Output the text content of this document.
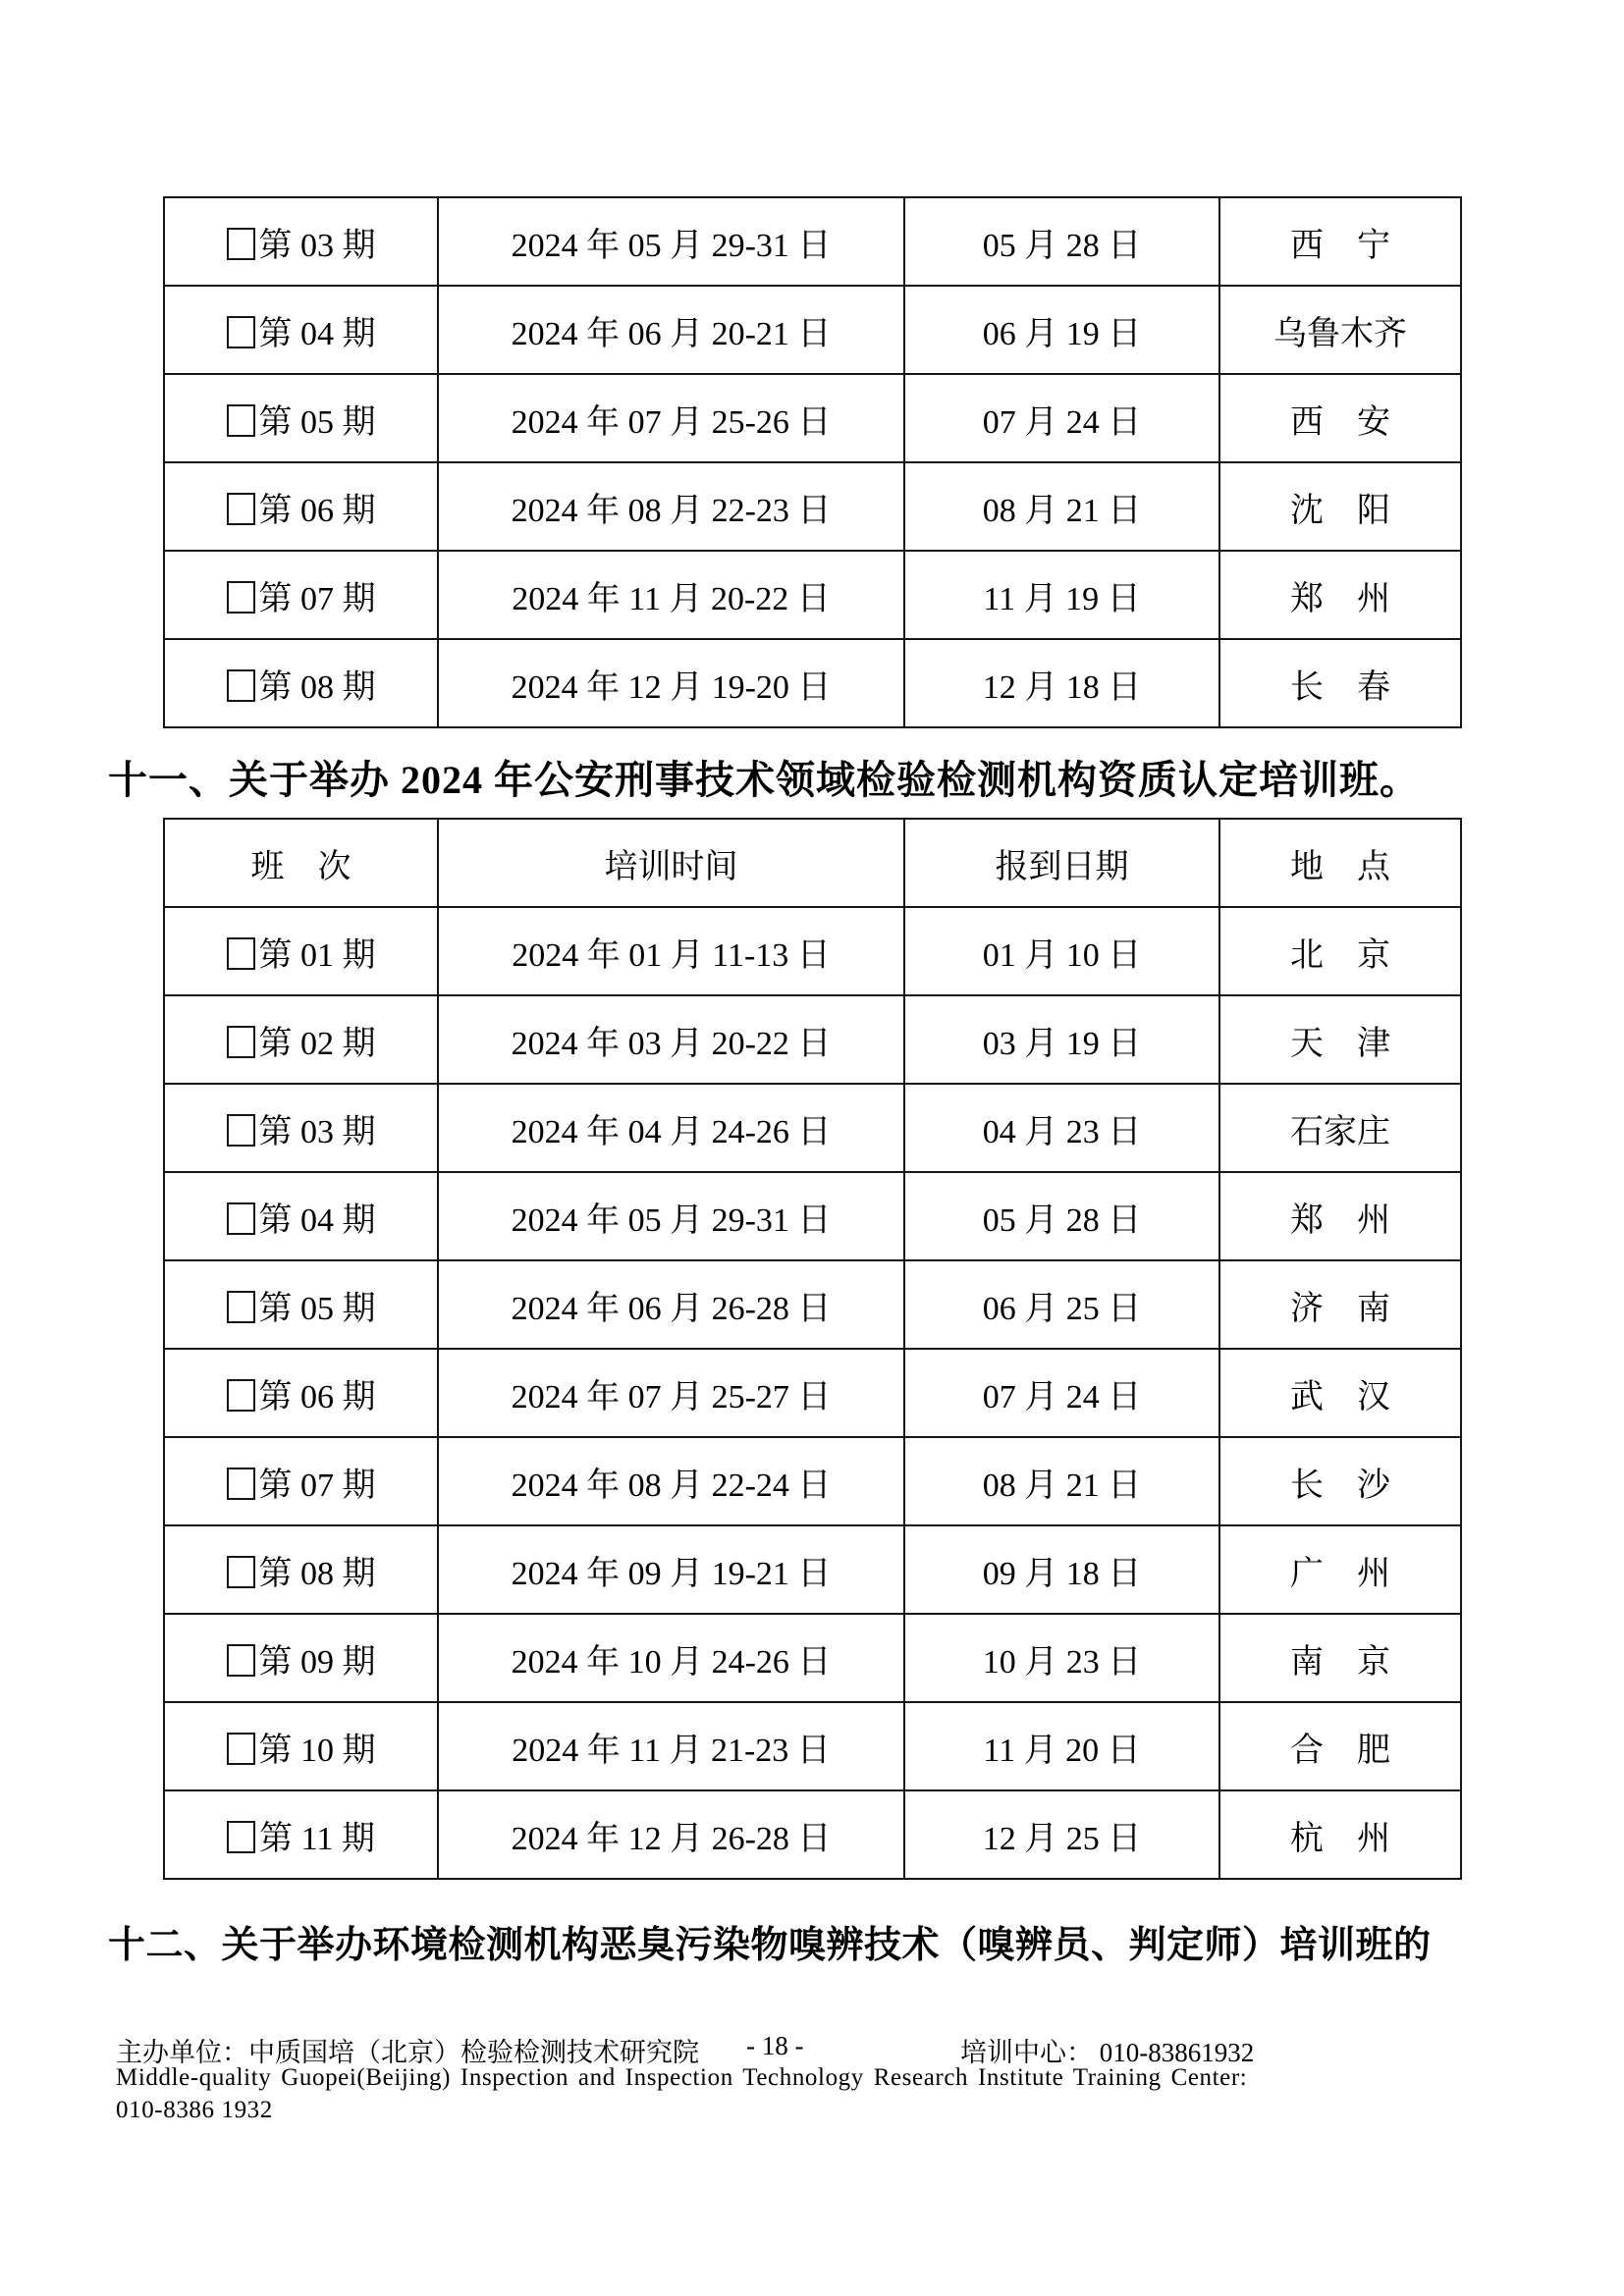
第 03 期	2024 年 05 月 29-31 日	05 月 28 日	西　宁
第 04 期	2024 年 06 月 20-21 日	06 月 19 日	乌鲁木齐
第 05 期	2024 年 07 月 25-26 日	07 月 24 日	西　安
第 06 期	2024 年 08 月 22-23 日	08 月 21 日	沈　阳
第 07 期	2024 年 11 月 20-22 日	11 月 19 日	郑　州
第 08 期	2024 年 12 月 19-20 日	12 月 18 日	长　春
十一、关于举办 2024 年公安刑事技术领域检验检测机构资质认定培训班。
班　次	培训时间	报到日期	地　点
第 01 期	2024 年 01 月 11-13 日	01 月 10 日	北　京
第 02 期	2024 年 03 月 20-22 日	03 月 19 日	天　津
第 03 期	2024 年 04 月 24-26 日	04 月 23 日	石家庄
第 04 期	2024 年 05 月 29-31 日	05 月 28 日	郑　州
第 05 期	2024 年 06 月 26-28 日	06 月 25 日	济　南
第 06 期	2024 年 07 月 25-27 日	07 月 24 日	武　汉
第 07 期	2024 年 08 月 22-24 日	08 月 21 日	长　沙
第 08 期	2024 年 09 月 19-21 日	09 月 18 日	广　州
第 09 期	2024 年 10 月 24-26 日	10 月 23 日	南　京
第 10 期	2024 年 11 月 21-23 日	11 月 20 日	合　肥
第 11 期	2024 年 12 月 26-28 日	12 月 25 日	杭　州
十二、关于举办环境检测机构恶臭污染物嗅辨技术（嗅辨员、判定师）培训班的
主办单位：中质国培（北京）检验检测技术研究院 - 18 -	培训中心： 010-83861932
Middle-quality Guopei(Beijing) Inspection and Inspection Technology Research Institute Training Center:
010-8386 1932
